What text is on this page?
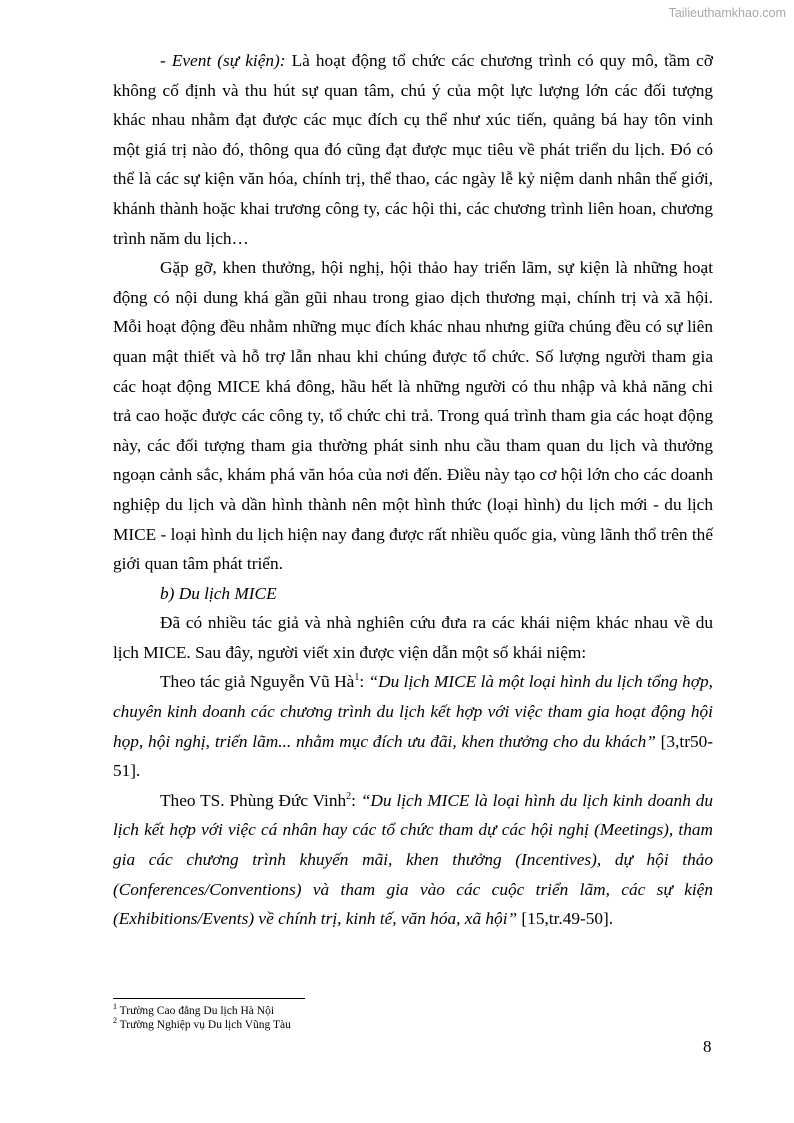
Tailieuthamkhao.com

- Event (sự kiện): Là hoạt động tổ chức các chương trình có quy mô, tầm cỡ không cố định và thu hút sự quan tâm, chú ý của một lực lượng lớn các đối tượng khác nhau nhằm đạt được các mục đích cụ thể như xúc tiến, quảng bá hay tôn vinh một giá trị nào đó, thông qua đó cũng đạt được mục tiêu về phát triển du lịch. Đó có thể là các sự kiện văn hóa, chính trị, thể thao, các ngày lễ kỷ niệm danh nhân thế giới, khánh thành hoặc khai trương công ty, các hội thi, các chương trình liên hoan, chương trình năm du lịch…

Gặp gỡ, khen thưởng, hội nghị, hội thảo hay triển lãm, sự kiện là những hoạt động có nội dung khá gần gũi nhau trong giao dịch thương mại, chính trị và xã hội. Mỗi hoạt động đều nhằm những mục đích khác nhau nhưng giữa chúng đều có sự liên quan mật thiết và hỗ trợ lẫn nhau khi chúng được tổ chức. Số lượng người tham gia các hoạt động MICE khá đông, hầu hết là những người có thu nhập và khả năng chi trả cao hoặc được các công ty, tổ chức chi trả. Trong quá trình tham gia các hoạt động này, các đối tượng tham gia thường phát sinh nhu cầu tham quan du lịch và thưởng ngoạn cảnh sắc, khám phá văn hóa của nơi đến. Điều này tạo cơ hội lớn cho các doanh nghiệp du lịch và dần hình thành nên một hình thức (loại hình) du lịch mới - du lịch MICE - loại hình du lịch hiện nay đang được rất nhiều quốc gia, vùng lãnh thổ trên thế giới quan tâm phát triển.

b) Du lịch MICE

Đã có nhiều tác giả và nhà nghiên cứu đưa ra các khái niệm khác nhau về du lịch MICE. Sau đây, người viết xin được viện dẫn một số khái niệm:

Theo tác giả Nguyễn Vũ $Hà^1$: “Du lịch MICE là một loại hình du lịch tổng hợp, chuyên kinh doanh các chương trình du lịch kết hợp với việc tham gia hoạt động hội họp, hội nghị, triển lãm... nhằm mục đích ưu đãi, khen thưởng cho du khách” [3,tr50-51].

Theo TS. Phùng Đức Vinh$^2$: “Du lịch MICE là loại hình du lịch kinh doanh du lịch kết hợp với việc cá nhân hay các tổ chức tham dự các hội nghị (Meetings), tham gia các chương trình khuyến mãi, khen thưởng (Incentives), dự hội thảo (Conferences/Conventions) và tham gia vào các cuộc triển lãm, các sự kiện (Exhibitions/Events) về chính trị, kinh tế, văn hóa, xã hội” [15,tr.49-50].

$^1$ Trường Cao đẳng Du lịch Hà Nội
$^2$ Trường Nghiệp vụ Du lịch Vũng Tàu
8
